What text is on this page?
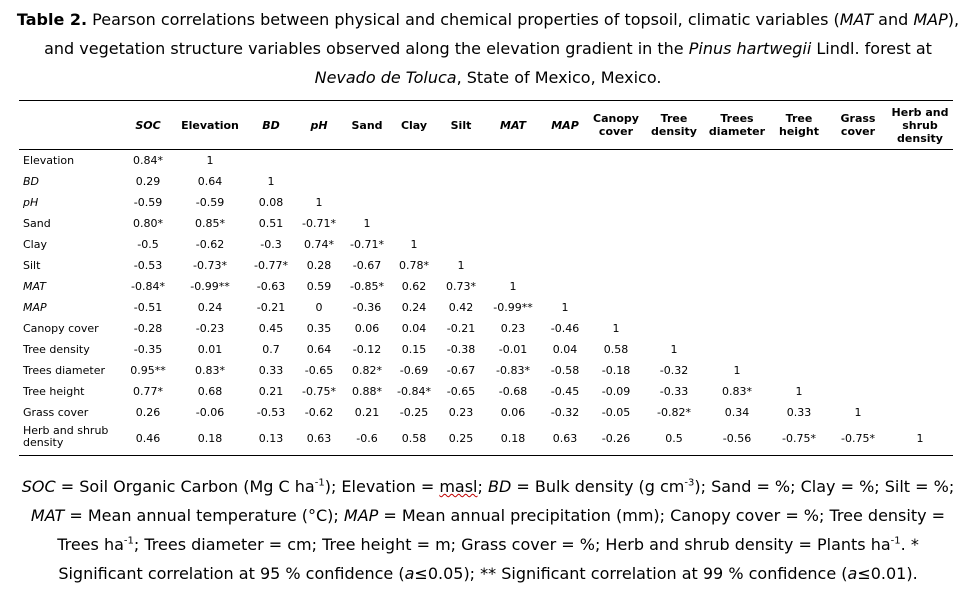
Table 2. Pearson correlations between physical and chemical properties of topsoil, climatic variables (MAT and MAP), and vegetation structure variables observed along the elevation gradient in the Pinus hartwegii Lindl. forest at Nevado de Toluca, State of Mexico, Mexico.
	SOC	Elevation	BD	pH	Sand	Clay	Silt	MAT	MAP	Canopy cover	Tree density	Trees diameter	Tree height	Grass cover	Herb and shrub density
Elevation	0.84*	1													
BD	0.29	0.64	1												
pH	-0.59	-0.59	0.08	1											
Sand	0.80*	0.85*	0.51	-0.71*	1										
Clay	-0.5	-0.62	-0.3	0.74*	-0.71*	1									
Silt	-0.53	-0.73*	-0.77*	0.28	-0.67	0.78*	1								
MAT	-0.84*	-0.99**	-0.63	0.59	-0.85*	0.62	0.73*	1							
MAP	-0.51	0.24	-0.21	0	-0.36	0.24	0.42	-0.99**	1						
Canopy cover	-0.28	-0.23	0.45	0.35	0.06	0.04	-0.21	0.23	-0.46	1					
Tree density	-0.35	0.01	0.7	0.64	-0.12	0.15	-0.38	-0.01	0.04	0.58	1				
Trees diameter	0.95**	0.83*	0.33	-0.65	0.82*	-0.69	-0.67	-0.83*	-0.58	-0.18	-0.32	1			
Tree height	0.77*	0.68	0.21	-0.75*	0.88*	-0.84*	-0.65	-0.68	-0.45	-0.09	-0.33	0.83*	1		
Grass cover	0.26	-0.06	-0.53	-0.62	0.21	-0.25	0.23	0.06	-0.32	-0.05	-0.82*	0.34	0.33	1	
Herb and shrub density	0.46	0.18	0.13	0.63	-0.6	0.58	0.25	0.18	0.63	-0.26	0.5	-0.56	-0.75*	-0.75*	1
SOC = Soil Organic Carbon (Mg C $ha^{-1}$); Elevation = masl; BD = Bulk density (g $cm^{-3}$); Sand = %; Clay = %; Silt = %; MAT = Mean annual temperature (°C); MAP = Mean annual precipitation (mm); Canopy cover = %; Tree density = Trees $ha^{-1}$; Trees diameter = cm; Tree height = m; Grass cover = %; Herb and shrub density = Plants $ha^{-1}$. * Significant correlation at 95 % confidence (a≤0.05); ** Significant correlation at 99 % confidence (a≤0.01).
